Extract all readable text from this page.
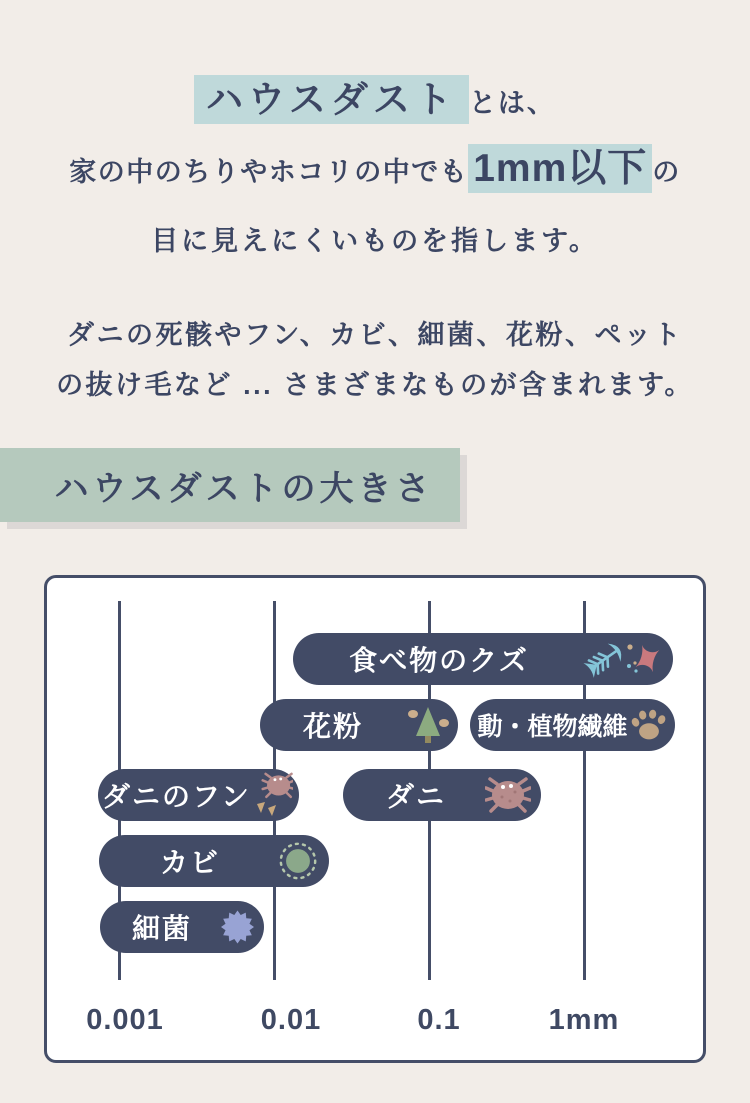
ハウスダスト とは、

家の中のちりやホコリの中でも 1mm以下 の

目に見えにくいものを指します。

ダニの死骸やフン、カビ、細菌、花粉、ペット
の抜け毛など ... さまざまなものが含まれます。

ハウスダストの大きさ
食べ物のクズ
花粉	動・植物繊維
ダニのフン	ダニ
カビ
細菌
0.001	0.01	0.1	1mm
